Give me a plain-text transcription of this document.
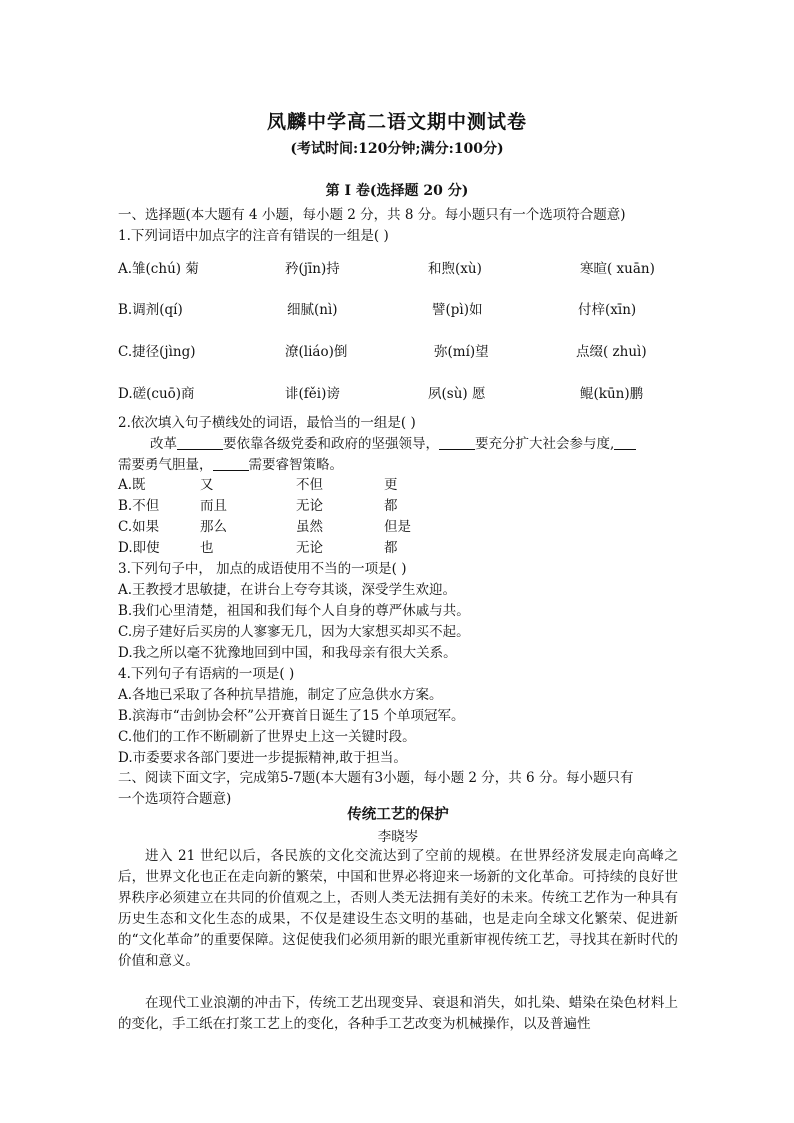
凤麟中学高二语文期中测试卷
(考试时间:120分钟;满分:100分)
第 I 卷(选择题 20 分)
一、选择题(本大题有 4 小题，每小题 2 分，共 8 分。每小题只有一个选项符合题意)
1.下列词语中加点字的注音有错误的一组是( )
A.雏(chú) 菊	矜(jīn)持	和煦(xù)	寒暄( xuān)
B.调剂(qí)	细腻(nì)	譬(pì)如	付梓(xīn)
C.捷径(jìng)	潦(liáo)倒	弥(mí)望	点缀( zhuì)
D.磋(cuō)商	诽(fěi)谤	夙(sù) 愿	鲲(kūn)鹏
2.依次填入句子横线处的词语，最恰当的一组是( )
改革	要依靠各级党委和政府的坚强领导，	要充分扩大社会参与度,
需要勇气胆量，	需要睿智策略。
A.既	又	不但	更
B.不但	而且	无论	都
C.如果	那么	虽然	但是
D.即使	也	无论	都
3.下列句子中， 加点的成语使用不当的一项是( )
A.王教授才思敏捷，在讲台上夸夸其谈，深受学生欢迎。
B.我们心里清楚，祖国和我们每个人自身的尊严休戚与共。
C.房子建好后买房的人寥寥无几，因为大家想买却买不起。
D.我之所以毫不犹豫地回到中国，和我母亲有很大关系。
4.下列句子有语病的一项是( )
A.各地已采取了各种抗旱措施，制定了应急供水方案。
B.滨海市“击剑协会杯”公开赛首日诞生了15 个单项冠军。
C.他们的工作不断刷新了世界史上这一关键时段。
D.市委要求各部门要进一步提振精神,敢于担当。
二、阅读下面文字，完成第5-7题(本大题有3小题，每小题 2 分，共 6 分。每小题只有
一个选项符合题意)
传统工艺的保护
李晓岑
进入 21 世纪以后，各民族的文化交流达到了空前的规模。在世界经济发展走向高峰之后，世界文化也正在走向新的繁荣，中国和世界必将迎来一场新的文化革命。可持续的良好世界秩序必须建立在共同的价值观之上，否则人类无法拥有美好的未来。传统工艺作为一种具有历史生态和文化生态的成果，不仅是建设生态文明的基础，也是走向全球文化繁荣、促进新的“文化革命”的重要保障。这促使我们必须用新的眼光重新审视传统工艺，寻找其在新时代的价值和意义。
在现代工业浪潮的冲击下，传统工艺出现变异、衰退和消失，如扎染、蜡染在染色材料上的变化，手工纸在打浆工艺上的变化，各种手工艺改变为机械操作，以及普遍性
